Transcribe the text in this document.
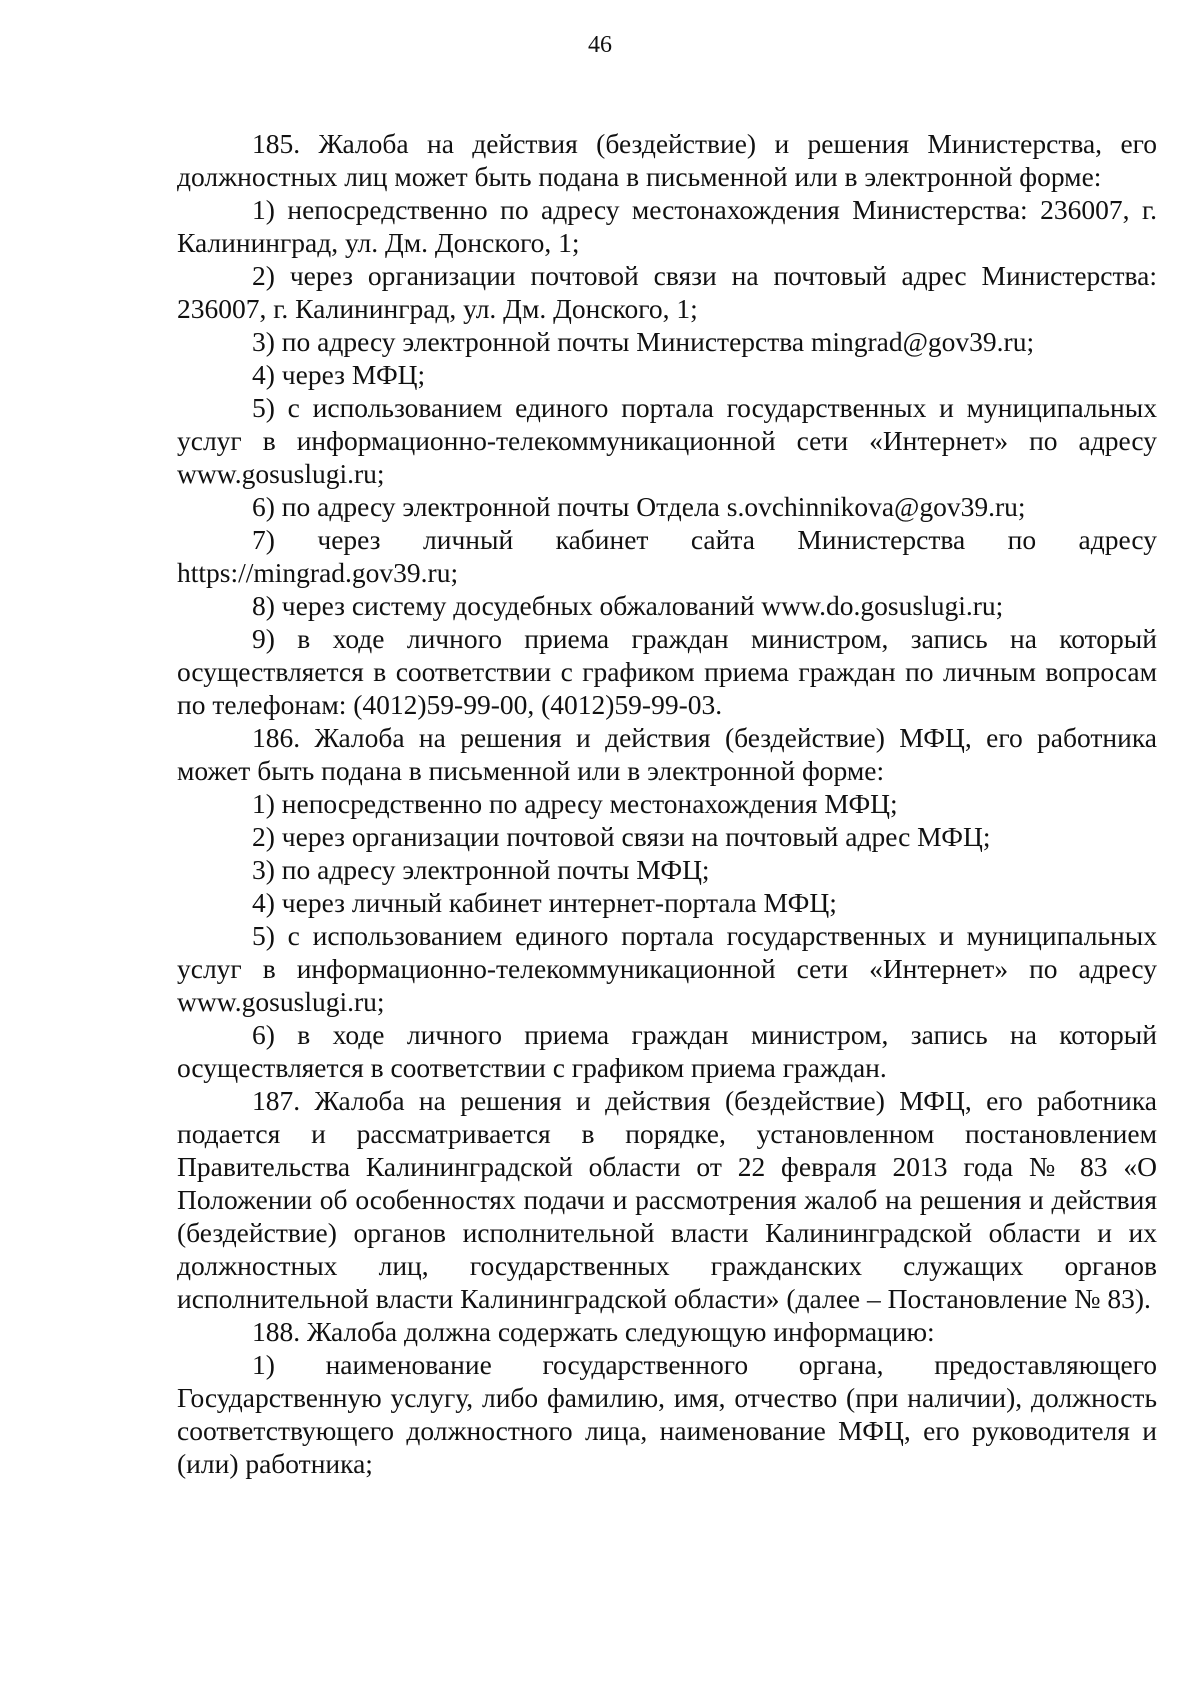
46

185. Жалоба на действия (бездействие) и решения Министерства, его должностных лиц может быть подана в письменной или в электронной форме:

1) непосредственно по адресу местонахождения Министерства: 236007, г. Калининград, ул. Дм. Донского, 1;

2) через организации почтовой связи на почтовый адрес Министерства: 236007, г. Калининград, ул. Дм. Донского, 1;

3) по адресу электронной почты Министерства mingrad@gov39.ru;

4) через МФЦ;

5) с использованием единого портала государственных и муниципальных услуг в информационно-телекоммуникационной сети «Интернет» по адресу www.gosuslugi.ru;

6) по адресу электронной почты Отдела s.ovchinnikova@gov39.ru;

7) через личный кабинет сайта Министерства по адресу https://mingrad.gov39.ru;

8) через систему досудебных обжалований www.do.gosuslugi.ru;

9) в ходе личного приема граждан министром, запись на который осуществляется в соответствии с графиком приема граждан по личным вопросам по телефонам: (4012)59-99-00, (4012)59-99-03.

186. Жалоба на решения и действия (бездействие) МФЦ, его работника может быть подана в письменной или в электронной форме:

1) непосредственно по адресу местонахождения МФЦ;

2) через организации почтовой связи на почтовый адрес МФЦ;

3) по адресу электронной почты МФЦ;

4) через личный кабинет интернет-портала МФЦ;

5) с использованием единого портала государственных и муниципальных услуг в информационно-телекоммуникационной сети «Интернет» по адресу www.gosuslugi.ru;

6) в ходе личного приема граждан министром, запись на который осуществляется в соответствии с графиком приема граждан.

187. Жалоба на решения и действия (бездействие) МФЦ, его работника подается и рассматривается в порядке, установленном постановлением Правительства Калининградской области от 22 февраля 2013 года № 83 «О Положении об особенностях подачи и рассмотрения жалоб на решения и действия (бездействие) органов исполнительной власти Калининградской области и их должностных лиц, государственных гражданских служащих органов исполнительной власти Калининградской области» (далее – Постановление № 83).

188. Жалоба должна содержать следующую информацию:

1) наименование государственного органа, предоставляющего Государственную услугу, либо фамилию, имя, отчество (при наличии), должность соответствующего должностного лица, наименование МФЦ, его руководителя и (или) работника;
